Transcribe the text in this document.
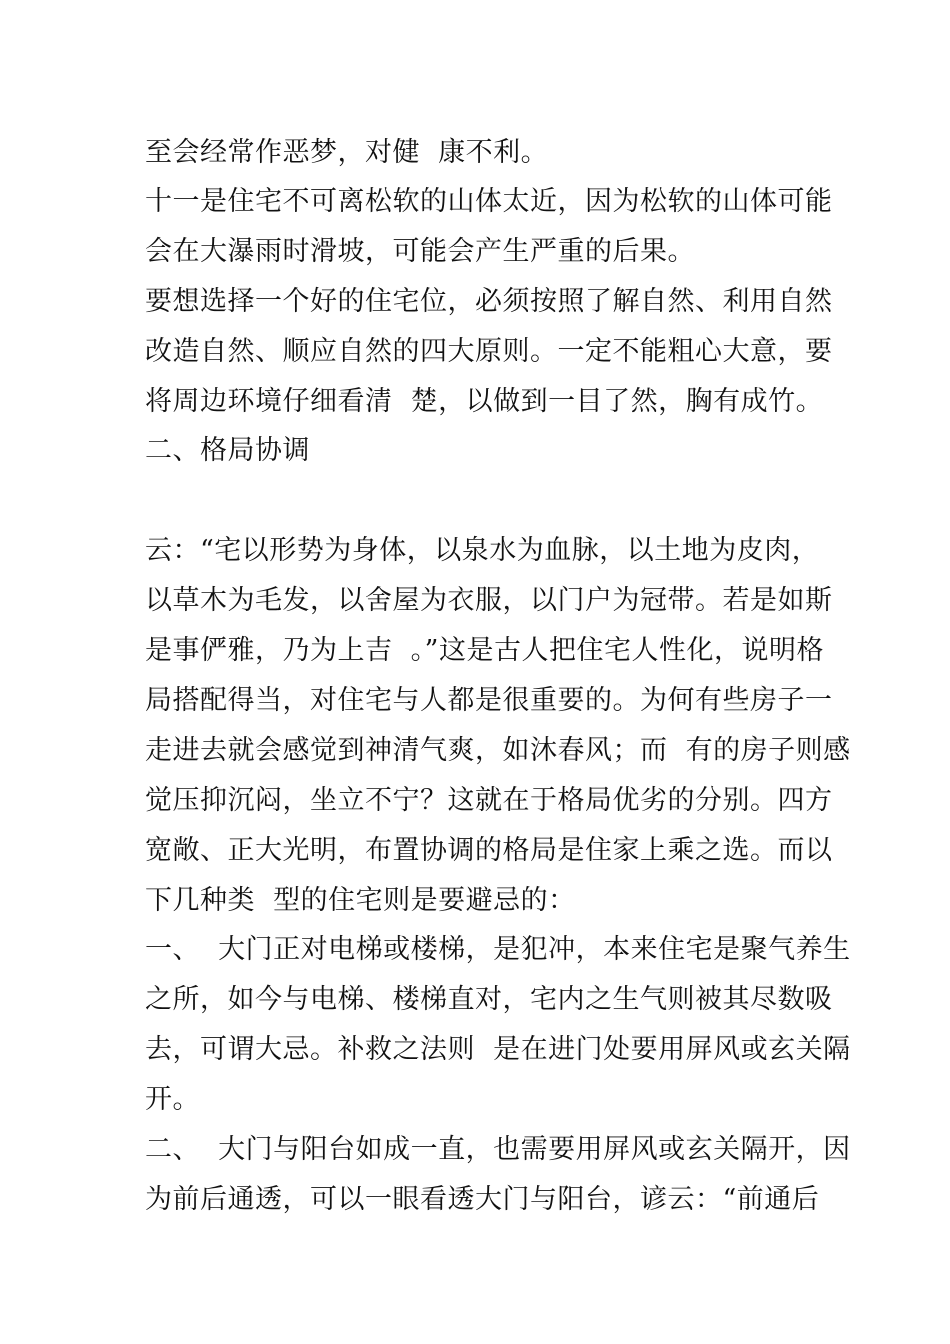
至会经常作恶梦，对健  康不利。
十一是住宅不可离松软的山体太近，因为松软的山体可能
会在大瀑雨时滑坡，可能会产生严重的后果。
要想选择一个好的住宅位，必须按照了解自然、利用自然
改造自然、顺应自然的四大原则。一定不能粗心大意，要
将周边环境仔细看清  楚，以做到一目了然，胸有成竹。
二、格局协调
云：“宅以形势为身体，以泉水为血脉，以土地为皮肉，
以草木为毛发，以舍屋为衣服，以门户为冠带。若是如斯
是事俨雅，乃为上吉  。”这是古人把住宅人性化，说明格
局搭配得当，对住宅与人都是很重要的。为何有些房子一
走进去就会感觉到神清气爽，如沐春风；而  有的房子则感
觉压抑沉闷，坐立不宁？这就在于格局优劣的分别。四方
宽敞、正大光明，布置协调的格局是住家上乘之选。而以
下几种类  型的住宅则是要避忌的：
一、  大门正对电梯或楼梯，是犯冲，本来住宅是聚气养生
之所，如今与电梯、楼梯直对，宅内之生气则被其尽数吸
去，可谓大忌。补救之法则  是在进门处要用屏风或玄关隔
开。
二、  大门与阳台如成一直，也需要用屏风或玄关隔开，因
为前后通透，可以一眼看透大门与阳台，谚云：“前通后
